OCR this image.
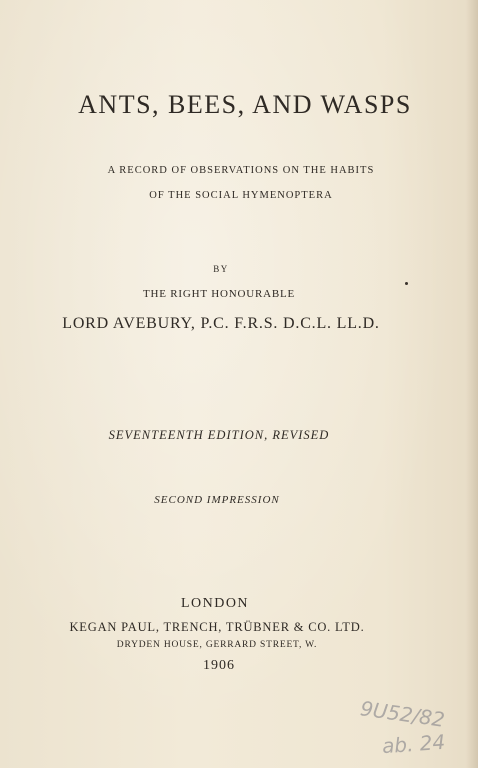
ANTS, BEES, AND WASPS
A RECORD OF OBSERVATIONS ON THE HABITS
OF THE SOCIAL HYMENOPTERA
BY
THE RIGHT HONOURABLE
LORD AVEBURY, P.C. F.R.S. D.C.L. LL.D.
SEVENTEENTH EDITION, REVISED
SECOND IMPRESSION
LONDON
KEGAN PAUL, TRENCH, TRÜBNER & CO. LTD.
DRYDEN HOUSE, GERRARD STREET, W.
1906
9U52/82
ab. 24
